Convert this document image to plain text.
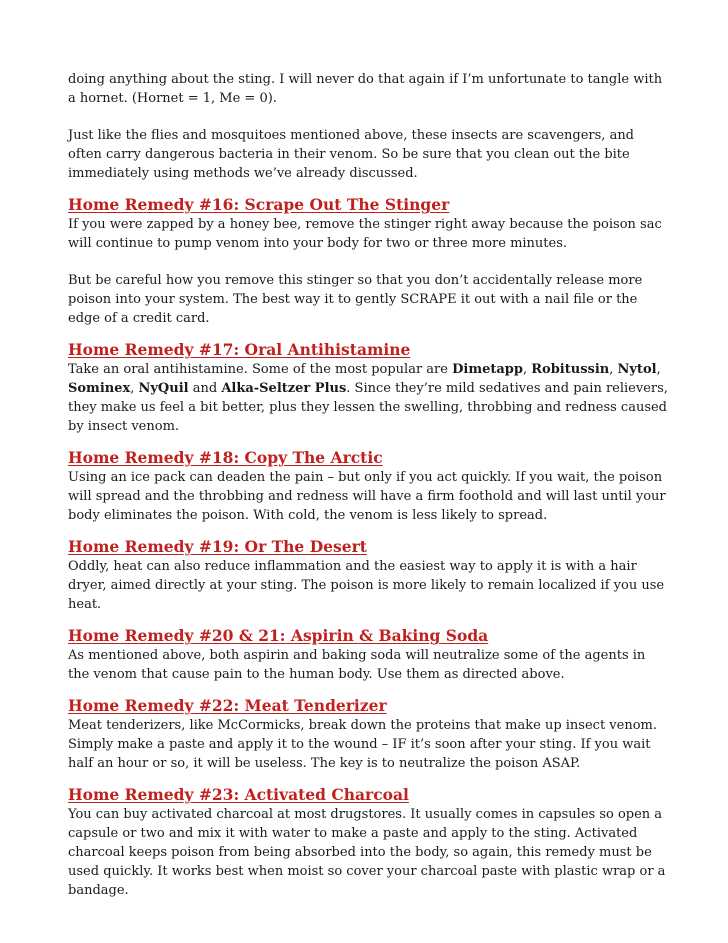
doing anything about the sting. I will never do that again if I’m unfortunate to tangle with a hornet. (Hornet = 1, Me = 0).

Just like the flies and mosquitoes mentioned above, these insects are scavengers, and often carry dangerous bacteria in their venom. So be sure that you clean out the bite immediately using methods we’ve already discussed.

Home Remedy #16: Scrape Out The Stinger

If you were zapped by a honey bee, remove the stinger right away because the poison sac will continue to pump venom into your body for two or three more minutes.

But be careful how you remove this stinger so that you don’t accidentally release more poison into your system. The best way it to gently SCRAPE it out with a nail file or the edge of a credit card.

Home Remedy #17: Oral Antihistamine

Take an oral antihistamine. Some of the most popular are Dimetapp, Robitussin, Nytol, Sominex, NyQuil and Alka-Seltzer Plus. Since they’re mild sedatives and pain relievers, they make us feel a bit better, plus they lessen the swelling, throbbing and redness caused by insect venom.

Home Remedy #18: Copy The Arctic

Using an ice pack can deaden the pain – but only if you act quickly. If you wait, the poison will spread and the throbbing and redness will have a firm foothold and will last until your body eliminates the poison. With cold, the venom is less likely to spread.

Home Remedy #19: Or The Desert

Oddly, heat can also reduce inflammation and the easiest way to apply it is with a hair dryer, aimed directly at your sting. The poison is more likely to remain localized if you use heat.

Home Remedy #20 & 21: Aspirin & Baking Soda

As mentioned above, both aspirin and baking soda will neutralize some of the agents in the venom that cause pain to the human body. Use them as directed above.

Home Remedy #22: Meat Tenderizer

Meat tenderizers, like McCormicks, break down the proteins that make up insect venom. Simply make a paste and apply it to the wound – IF it’s soon after your sting. If you wait half an hour or so, it will be useless. The key is to neutralize the poison ASAP.

Home Remedy #23: Activated Charcoal

You can buy activated charcoal at most drugstores. It usually comes in capsules so open a capsule or two and mix it with water to make a paste and apply to the sting. Activated charcoal keeps poison from being absorbed into the body, so again, this remedy must be used quickly. It works best when moist so cover your charcoal paste with plastic wrap or a bandage.
